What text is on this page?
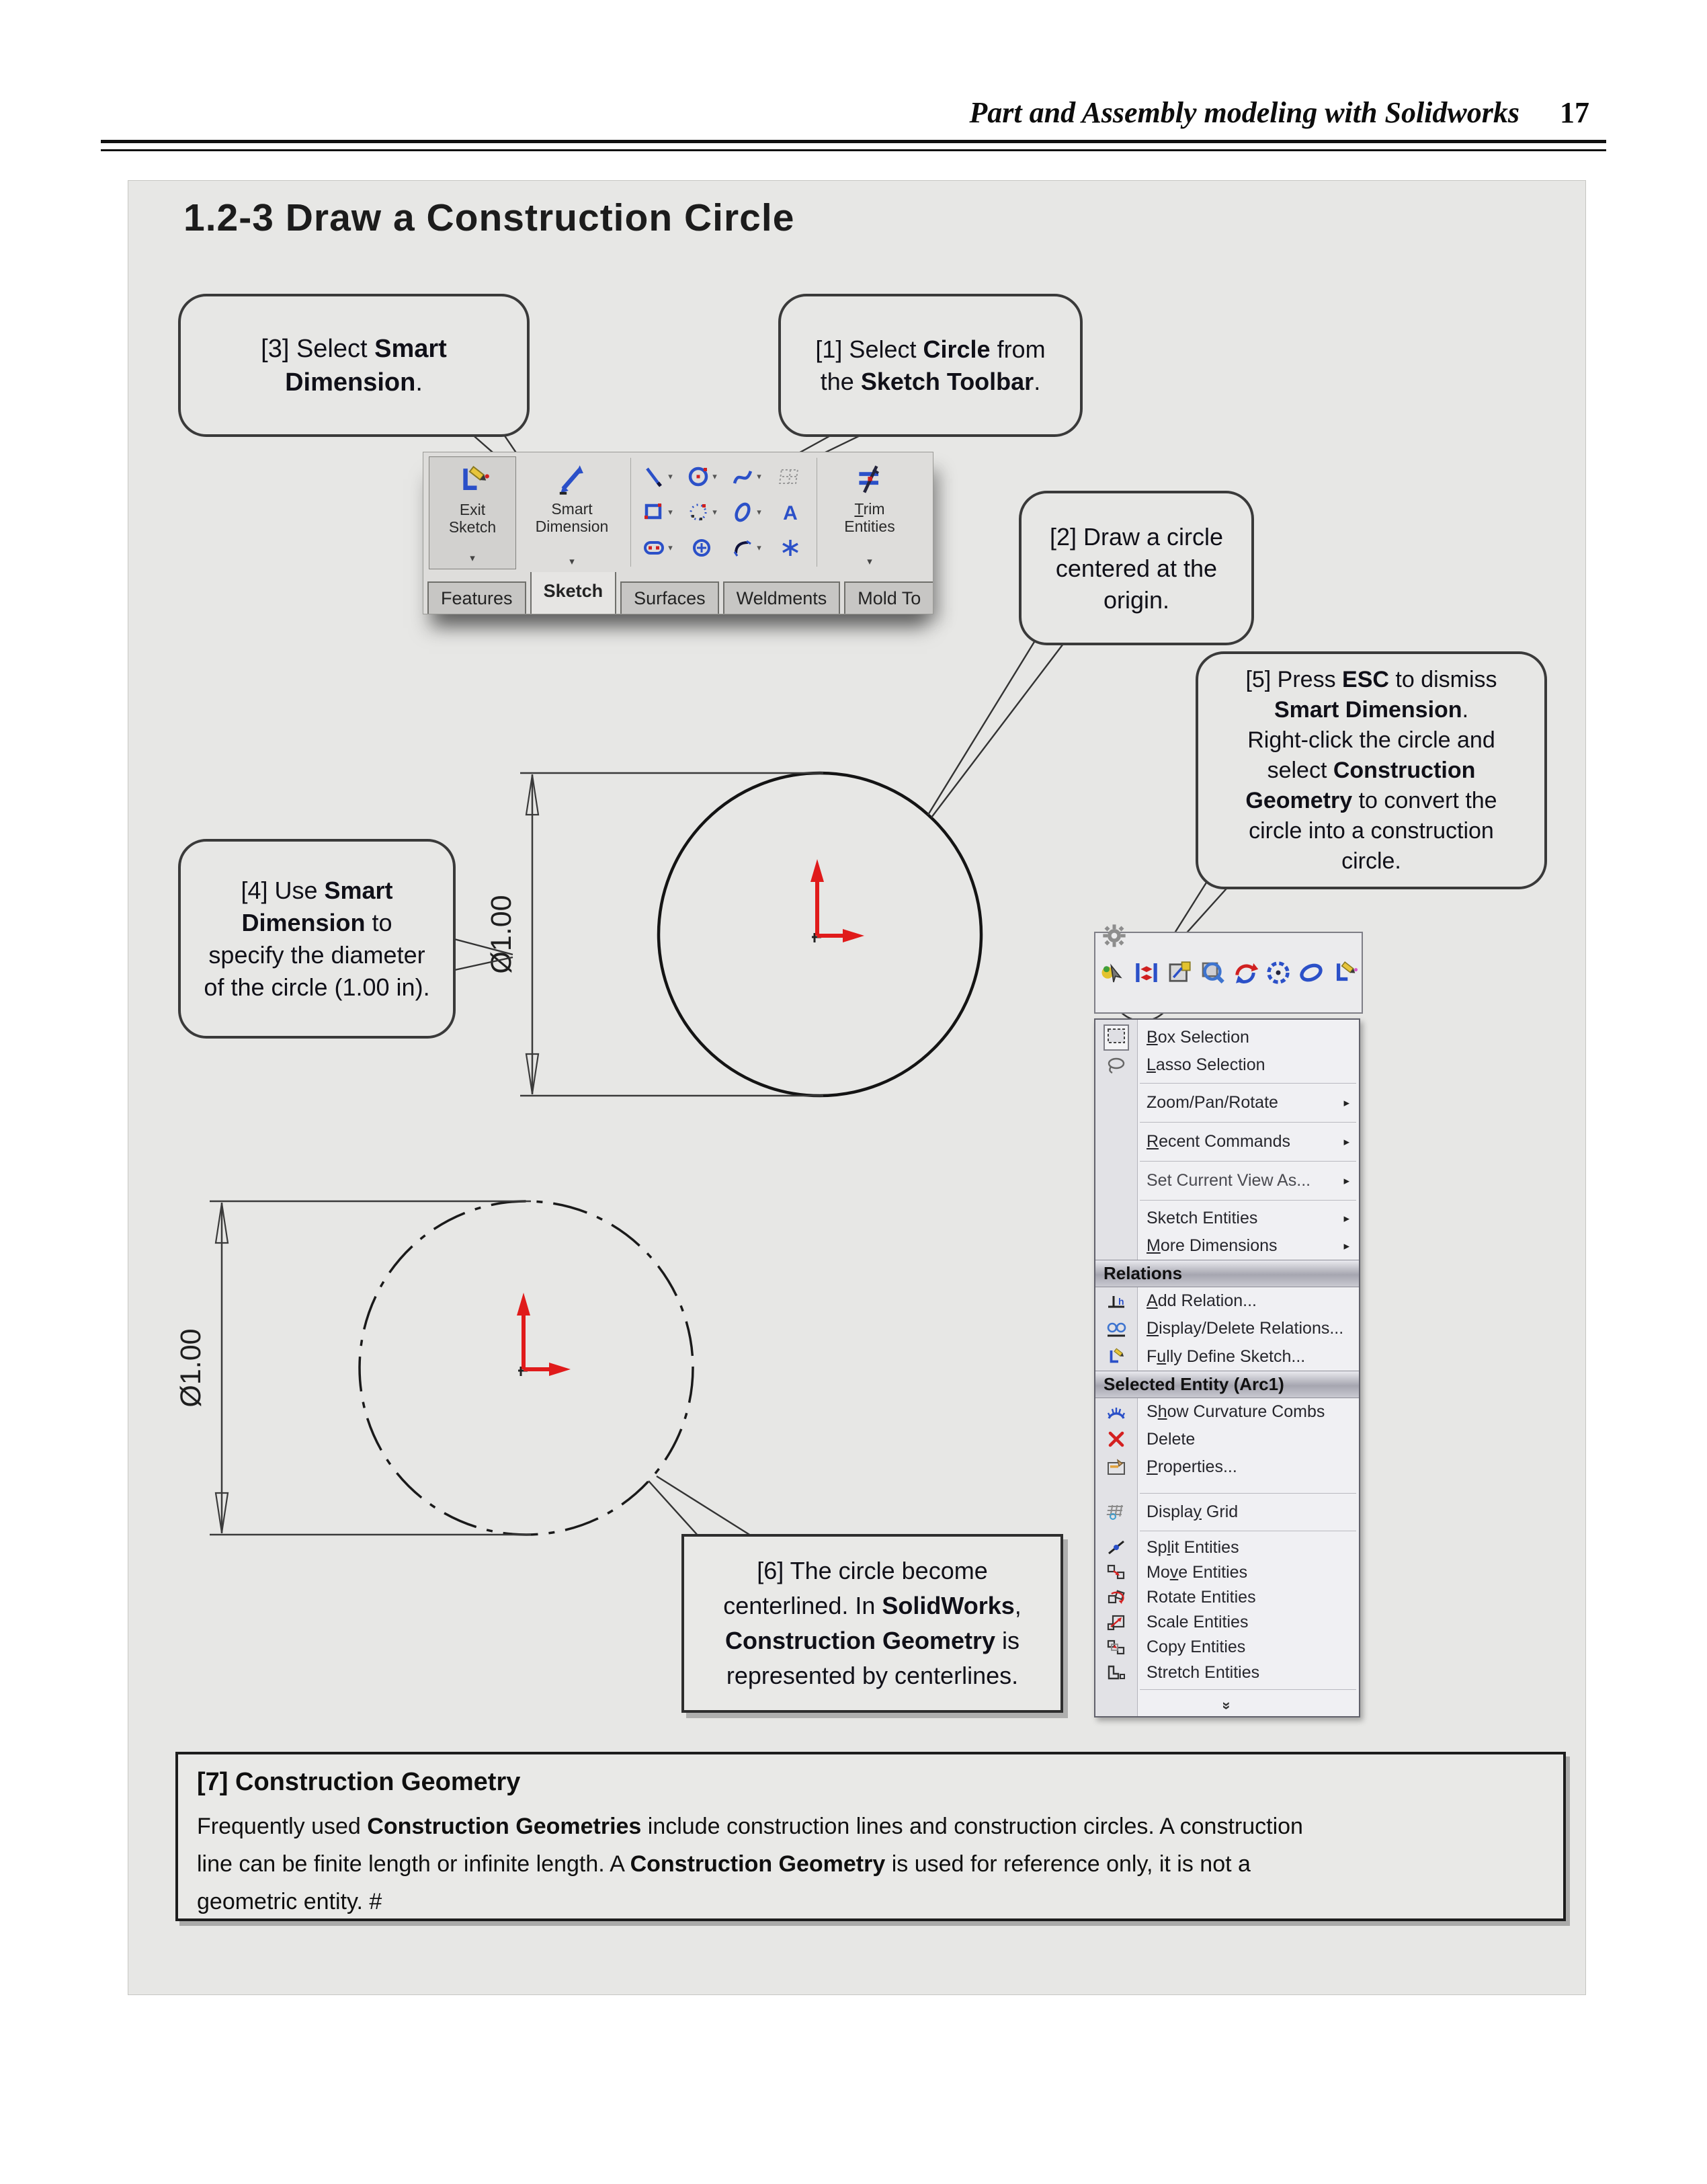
Part and Assembly modeling with Solidworks 17
1.2-3 Draw a Construction Circle
Ø1.00
Ø1.00
[3] Select Smart
Dimension.
[1] Select Circle from
the Sketch Toolbar.
[2] Draw a circle
centered at the
origin.
[5] Press ESC to dismiss
Smart Dimension.
Right-click the circle and
select Construction
Geometry to convert the
circle into a construction
circle.
[4] Use Smart
Dimension to
specify the diameter
of the circle (1.00 in).
[6] The circle become
centerlined. In SolidWorks,
Construction Geometry is
represented by centerlines.
Exit
Sketch
▾
Smart
Dimension
▾
▾	▾	▾
▾	▾	▾ A
▾	▾
Trim
Entities
▾
Features Sketch Surfaces Weldments Mold To
Box Selection
Lasso Selection
Zoom/Pan/Rotate	▸
Recent Commands	▸
Set Current View As...	▸
Sketch Entities	▸
More Dimensions	▸
Relations
h	Add Relation...
Display/Delete Relations...
Fully Define Sketch...
Selected Entity (Arc1)
Show Curvature Combs
Delete
Properties...
Display Grid
Split Entities
Move Entities
Rotate Entities
Scale Entities
Copy Entities
Stretch Entities
»
[7] Construction Geometry
Frequently used Construction Geometries include construction lines and construction circles. A construction
line can be finite length or infinite length. A Construction Geometry is used for reference only, it is not a
geometric entity. #
